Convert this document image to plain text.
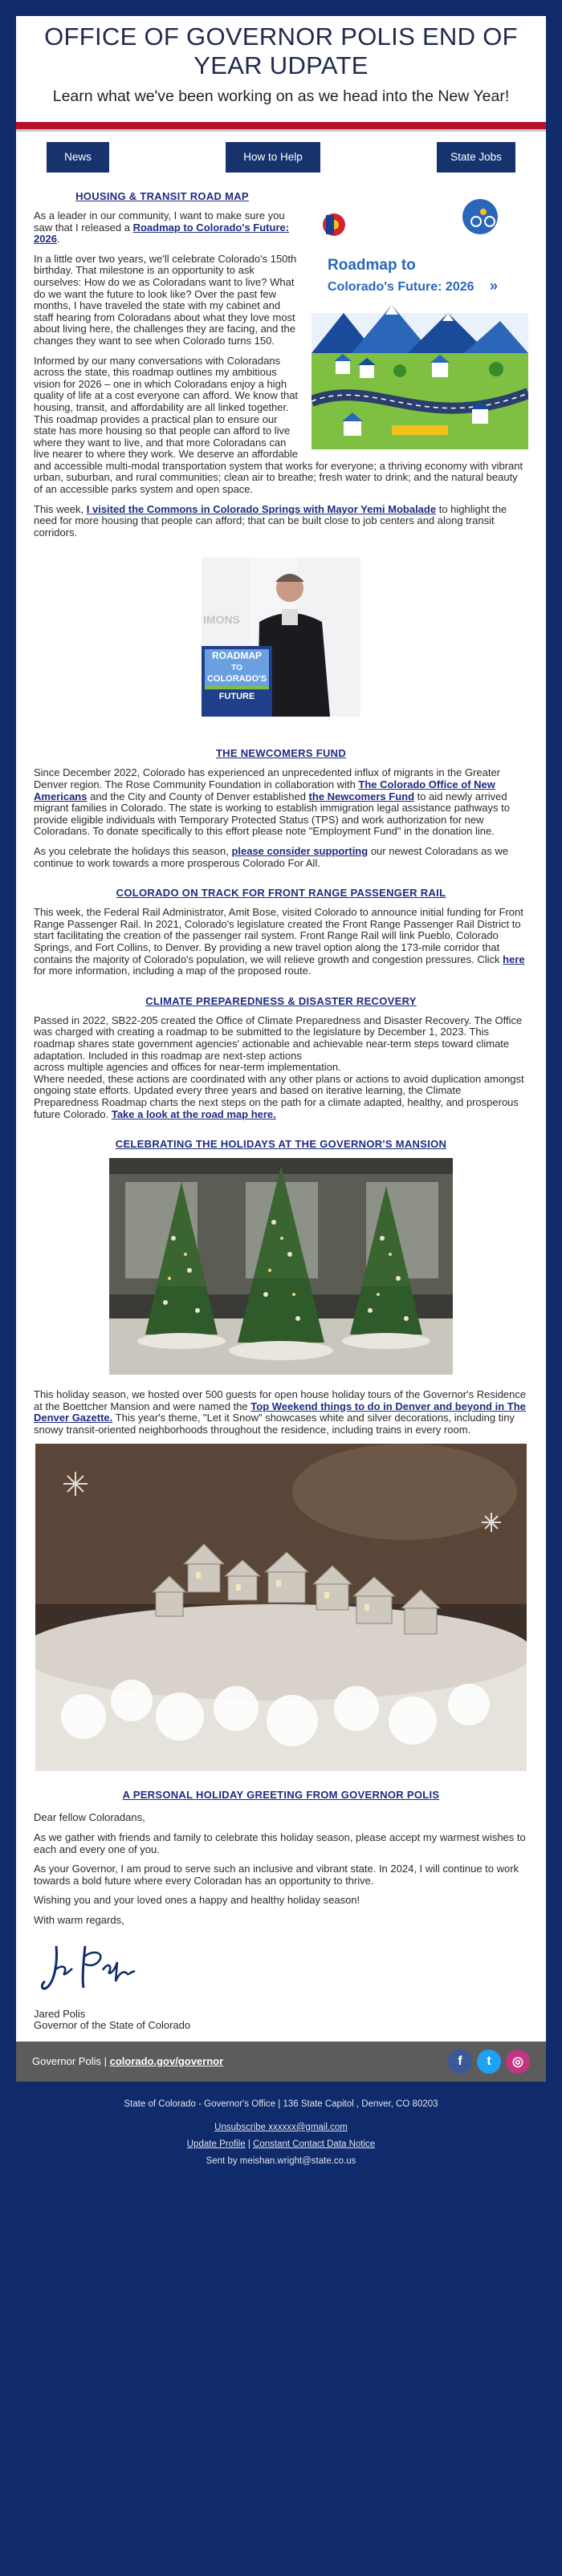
OFFICE OF GOVERNOR POLIS END OF YEAR UDPATE
Learn what we've been working on as we head into the New Year!
News	How to Help	State Jobs
HOUSING & TRANSIT ROAD MAP
Roadmap to
Colorado's Future: 2026 »

As a leader in our community, I want to make sure you saw that I released a Roadmap to Colorado's Future: 2026.

In a little over two years, we'll celebrate Colorado's 150th birthday. That milestone is an opportunity to ask ourselves: How do we as Coloradans want to live? What do we want the future to look like? Over the past few months, I have traveled the state with my cabinet and staff hearing from Coloradans about what they love most about living here, the challenges they are facing, and the changes they want to see when Colorado turns 150.

Informed by our many conversations with Coloradans across the state, this roadmap outlines my ambitious vision for 2026 – one in which Coloradans enjoy a high quality of life at a cost everyone can afford. We know that housing, transit, and affordability are all linked together. This roadmap provides a practical plan to ensure our state has more housing so that people can afford to live where they want to live, and that more Coloradans can live nearer to where they work. We deserve an affordable and accessible multi-modal transportation system that works for everyone; a thriving economy with vibrant urban, suburban, and rural communities; clean air to breathe; fresh water to drink; and the natural beauty of an accessible parks system and open space.

This week, I visited the Commons in Colorado Springs with Mayor Yemi Mobalade to highlight the need for more housing that people can afford; that can be built close to job centers and along transit corridors.

IMONS
ROADMAP
TO
COLORADO'S
FUTURE
THE NEWCOMERS FUND

Since December 2022, Colorado has experienced an unprecedented influx of migrants in the Greater Denver region. The Rose Community Foundation in collaboration with The Colorado Office of New Americans and the City and County of Denver established the Newcomers Fund to aid newly arrived migrant families in Colorado. The state is working to establish immigration legal assistance pathways to provide eligible individuals with Temporary Protected Status (TPS) and work authorization for new Coloradans. To donate specifically to this effort please note "Employment Fund" in the donation line.

As you celebrate the holidays this season, please consider supporting our newest Coloradans as we continue to work towards a more prosperous Colorado For All.

COLORADO ON TRACK FOR FRONT RANGE PASSENGER RAIL

This week, the Federal Rail Administrator, Amit Bose, visited Colorado to announce initial funding for Front Range Passenger Rail. In 2021, Colorado's legislature created the Front Range Passenger Rail District to start facilitating the creation of the passenger rail system. Front Range Rail will link Pueblo, Colorado Springs, and Fort Collins, to Denver. By providing a new travel option along the 173-mile corridor that contains the majority of Colorado's population, we will relieve growth and congestion pressures. Click here for more information, including a map of the proposed route.

CLIMATE PREPAREDNESS & DISASTER RECOVERY

Passed in 2022, SB22-205 created the Office of Climate Preparedness and Disaster Recovery. The Office was charged with creating a roadmap to be submitted to the legislature by December 1, 2023. This roadmap shares state government agencies' actionable and achievable near-term steps toward climate adaptation. Included in this roadmap are next-step actions

across multiple agencies and offices for near-term implementation.

Where needed, these actions are coordinated with any other plans or actions to avoid duplication amongst ongoing state efforts. Updated every three years and based on iterative learning, the Climate Preparedness Roadmap charts the next steps on the path for a climate adapted, healthy, and prosperous future Colorado. Take a look at the road map here.

CELEBRATING THE HOLIDAYS AT THE GOVERNOR'S MANSION

This holiday season, we hosted over 500 guests for open house holiday tours of the Governor's Residence at the Boettcher Mansion and were named the Top Weekend things to do in Denver and beyond in The Denver Gazette. This year's theme, "Let it Snow" showcases white and silver decorations, including tiny snowy transit-oriented neighborhoods throughout the residence, including trains in every room.

A PERSONAL HOLIDAY GREETING FROM GOVERNOR POLIS

Dear fellow Coloradans,

As we gather with friends and family to celebrate this holiday season, please accept my warmest wishes to each and every one of you.

As your Governor, I am proud to serve such an inclusive and vibrant state. In 2024, I will continue to work towards a bold future where every Coloradan has an opportunity to thrive.

Wishing you and your loved ones a happy and healthy holiday season!

With warm regards,

Jared Polis

Governor of the State of Colorado

Governor Polis | colorado.gov/governor	f	t	◎
State of Colorado - Governor's Office | 136 State Capitol , Denver, CO 80203
Unsubscribe xxxxxx@gmail.com
Update Profile | Constant Contact Data Notice
Sent by meishan.wright@state.co.us
